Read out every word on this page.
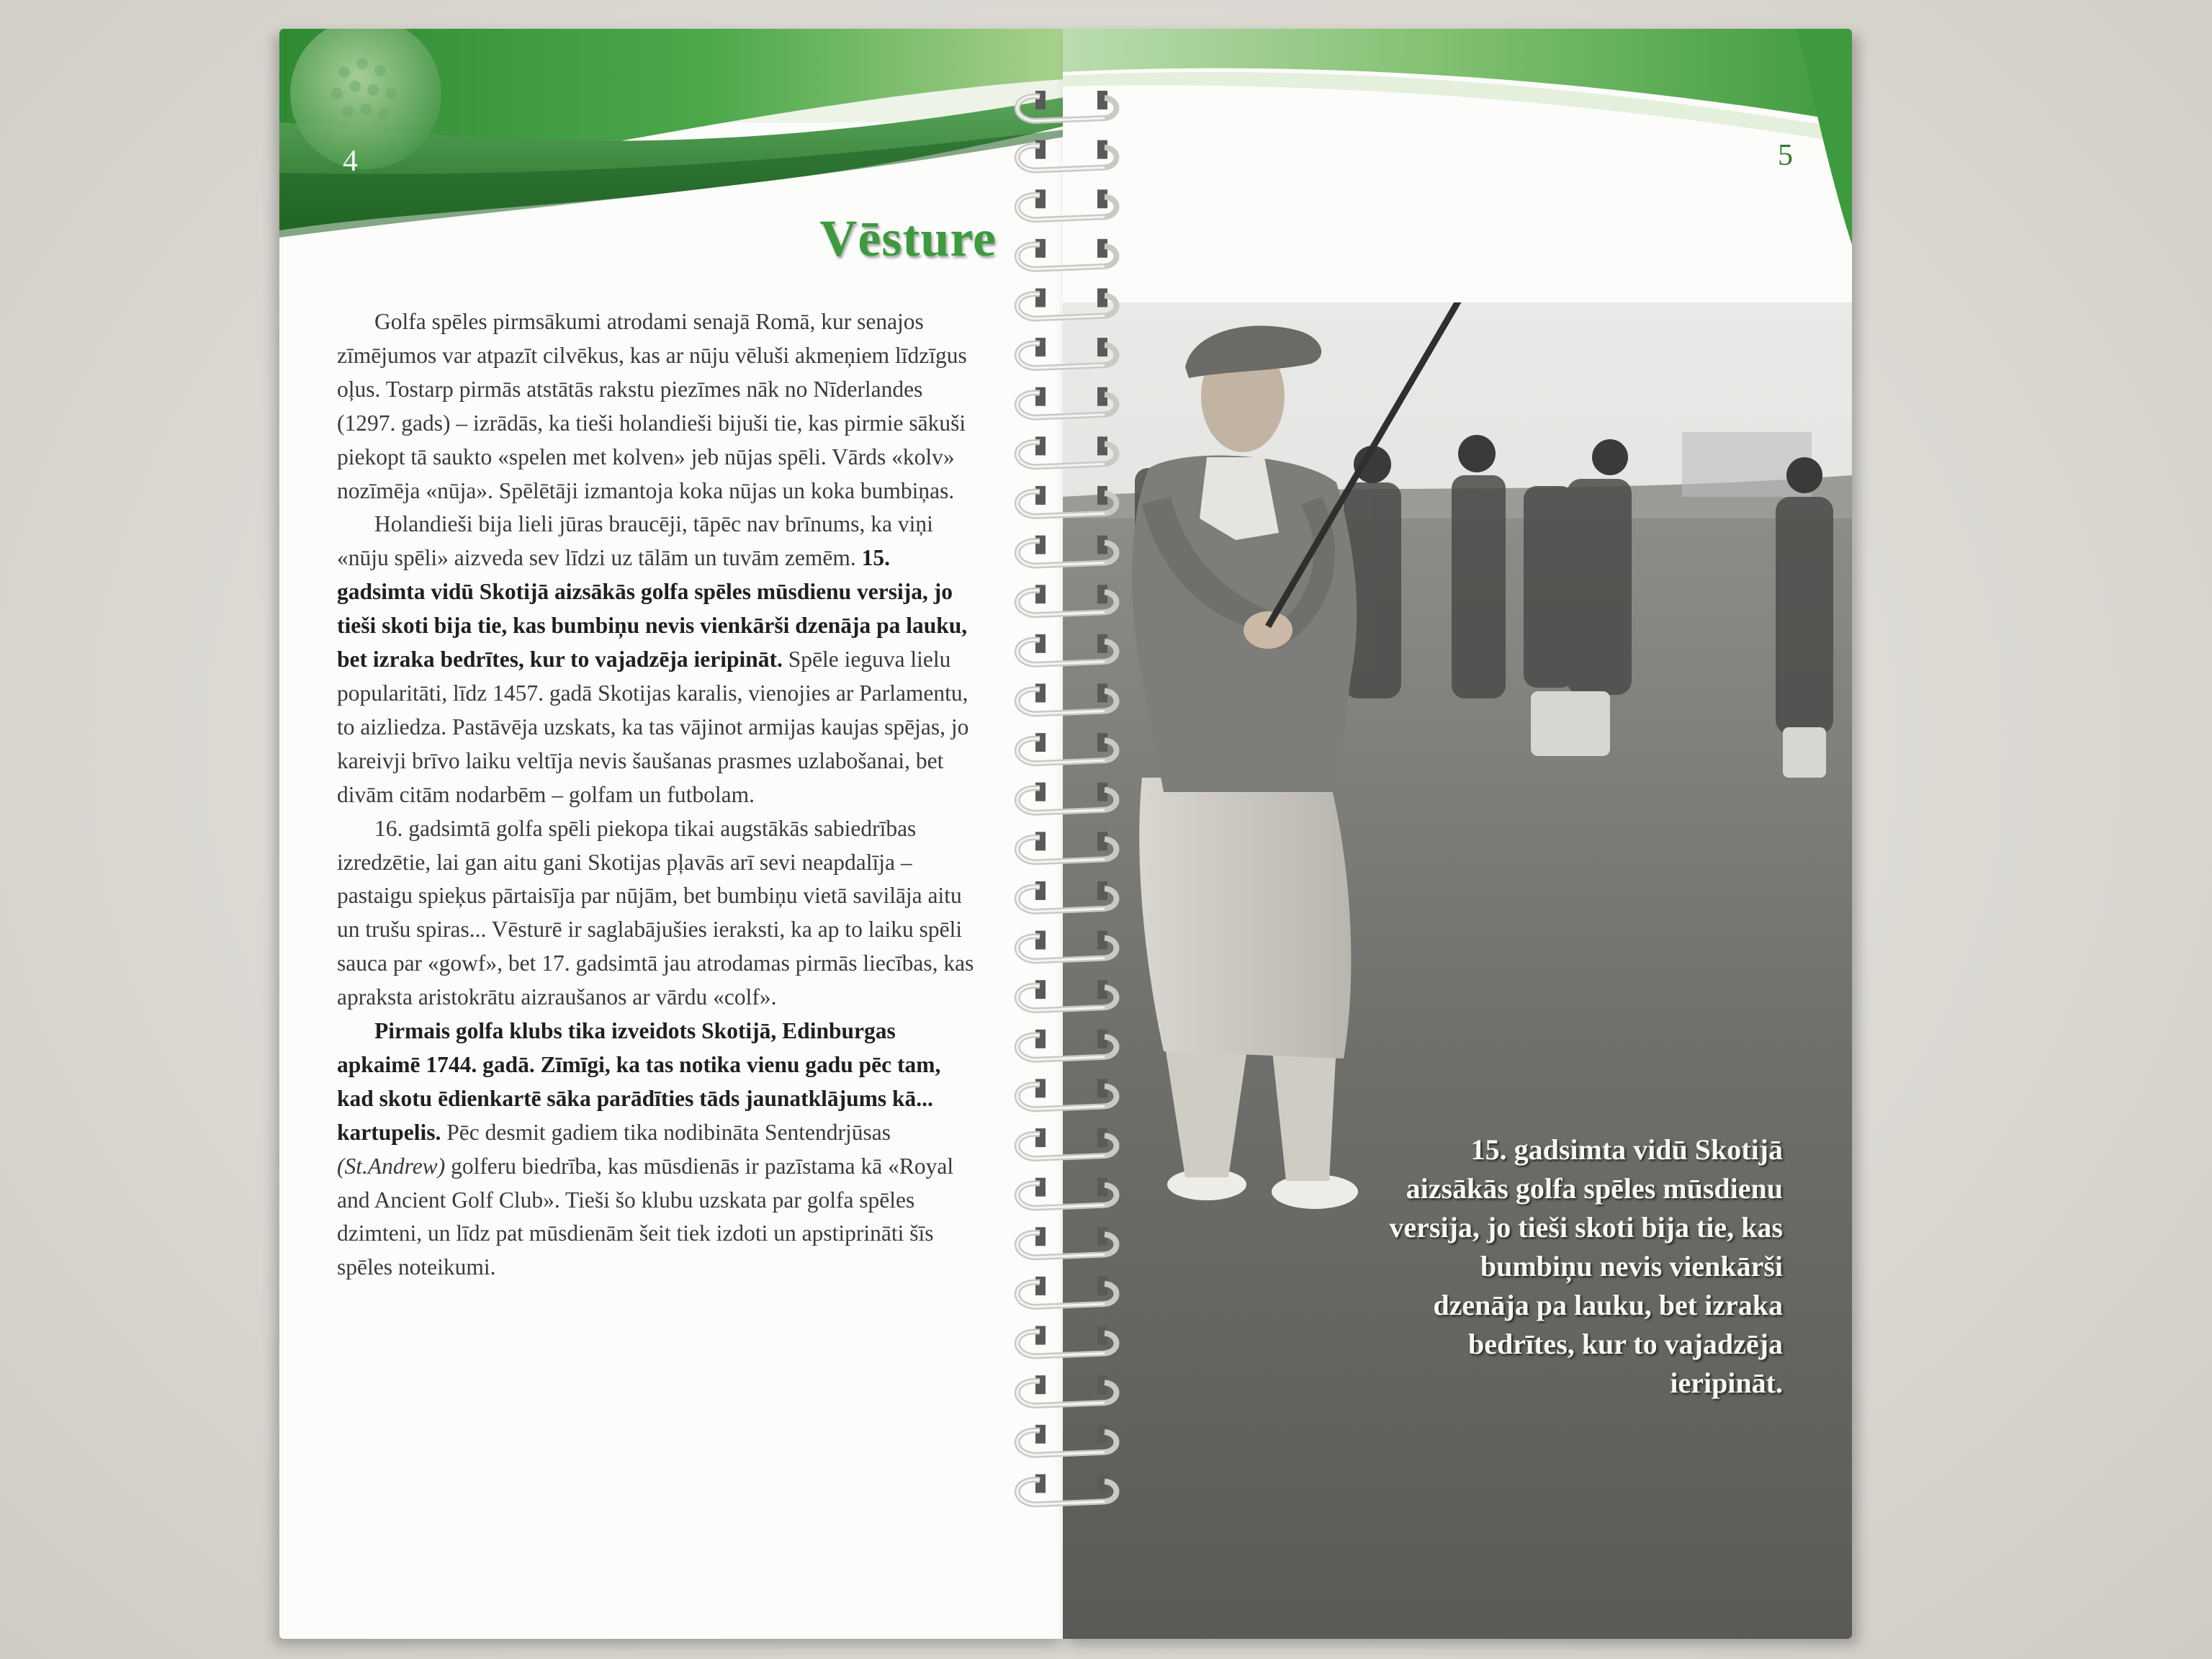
4
Vēsture

Golfa spēles pirmsākumi atrodami senajā Romā, kur senajos zīmējumos var atpazīt cilvēkus, kas ar nūju vēluši akmeņiem līdzīgus oļus. Tostarp pirmās atstātās rakstu piezīmes nāk no Nīderlandes (1297. gads) – izrādās, ka tieši holandieši bijuši tie, kas pirmie sākuši piekopt tā saukto «spelen met kolven» jeb nūjas spēli. Vārds «kolv» nozīmēja «nūja». Spēlētāji izmantoja koka nūjas un koka bumbiņas.

Holandieši bija lieli jūras braucēji, tāpēc nav brīnums, ka viņi «nūju spēli» aizveda sev līdzi uz tālām un tuvām zemēm. 15. gadsimta vidū Skotijā aizsākās golfa spēles mūsdienu versija, jo tieši skoti bija tie, kas bumbiņu nevis vienkārši dzenāja pa lauku, bet izraka bedrītes, kur to vajadzēja ieripināt. Spēle ieguva lielu popularitāti, līdz 1457. gadā Skotijas karalis, vienojies ar Parlamentu, to aizliedza. Pastāvēja uzskats, ka tas vājinot armijas kaujas spējas, jo kareivji brīvo laiku veltīja nevis šaušanas prasmes uzlabošanai, bet divām citām nodarbēm – golfam un futbolam.

16. gadsimtā golfa spēli piekopa tikai augstākās sabiedrības izredzētie, lai gan aitu gani Skotijas pļavās arī sevi neapdalīja – pastaigu spieķus pārtaisīja par nūjām, bet bumbiņu vietā savilāja aitu un trušu spiras... Vēsturē ir saglabājušies ieraksti, ka ap to laiku spēli sauca par «gowf», bet 17. gadsimtā jau atrodamas pirmās liecības, kas apraksta aristokrātu aizraušanos ar vārdu «colf».

Pirmais golfa klubs tika izveidots Skotijā, Edinburgas apkaimē 1744. gadā. Zīmīgi, ka tas notika vienu gadu pēc tam, kad skotu ēdienkartē sāka parādīties tāds jaunatklājums kā... kartupelis. Pēc desmit gadiem tika nodibināta Sentendrjūsas (St.Andrew) golferu biedrība, kas mūsdienās ir pazīstama kā «Royal and Ancient Golf Club». Tieši šo klubu uzskata par golfa spēles dzimteni, un līdz pat mūsdienām šeit tiek izdoti un apstiprināti šīs spēles noteikumi.

5

15. gadsimta vidū Skotijā aizsākās golfa spēles mūsdienu versija, jo tieši skoti bija tie, kas bumbiņu nevis vienkārši dzenāja pa lauku, bet izraka bedrītes, kur to vajadzēja ieripināt.
